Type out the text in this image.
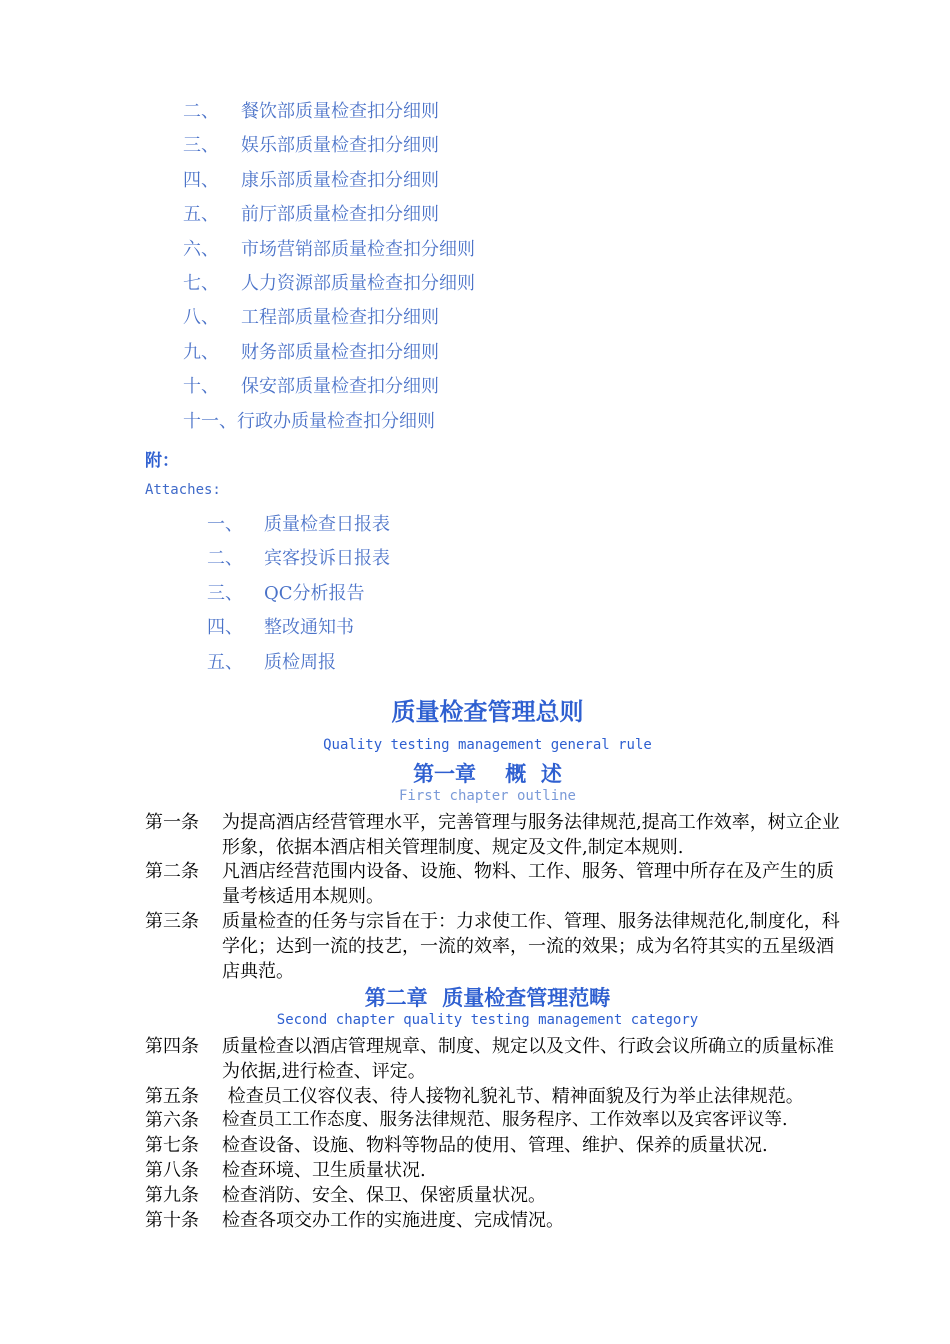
二、 餐饮部质量检查扣分细则
三、 娱乐部质量检查扣分细则
四、 康乐部质量检查扣分细则
五、 前厅部质量检查扣分细则
六、 市场营销部质量检查扣分细则
七、 人力资源部质量检查扣分细则
八、 工程部质量检查扣分细则
九、 财务部质量检查扣分细则
十、 保安部质量检查扣分细则
十一、行政办质量检查扣分细则
附：
Attaches:
一、 质量检查日报表
二、 宾客投诉日报表
三、 QC分析报告
四、 整改通知书
五、 质检周报
质量检查管理总则
Quality testing management general rule
第一章    概  述
First chapter outline
第一条	为提高酒店经营管理水平，完善管理与服务法律规范,提高工作效率，树立企业形象，依据本酒店相关管理制度、规定及文件,制定本规则.
第二条	凡酒店经营范围内设备、设施、物料、工作、服务、管理中所存在及产生的质量考核适用本规则。
第三条	质量检查的任务与宗旨在于：力求使工作、管理、服务法律规范化,制度化，科学化；达到一流的技艺，一流的效率，一流的效果；成为名符其实的五星级酒店典范。
第二章  质量检查管理范畴
Second chapter quality testing management category
第四条	质量检查以酒店管理规章、制度、规定以及文件、行政会议所确立的质量标准为依据,进行检查、评定。
第五条	检查员工仪容仪表、待人接物礼貌礼节、精神面貌及行为举止法律规范。
第六条	检查员工工作态度、服务法律规范、服务程序、工作效率以及宾客评议等.
第七条	检查设备、设施、物料等物品的使用、管理、维护、保养的质量状况.
第八条	检查环境、卫生质量状况.
第九条	检查消防、安全、保卫、保密质量状况。
第十条	检查各项交办工作的实施进度、完成情况。
